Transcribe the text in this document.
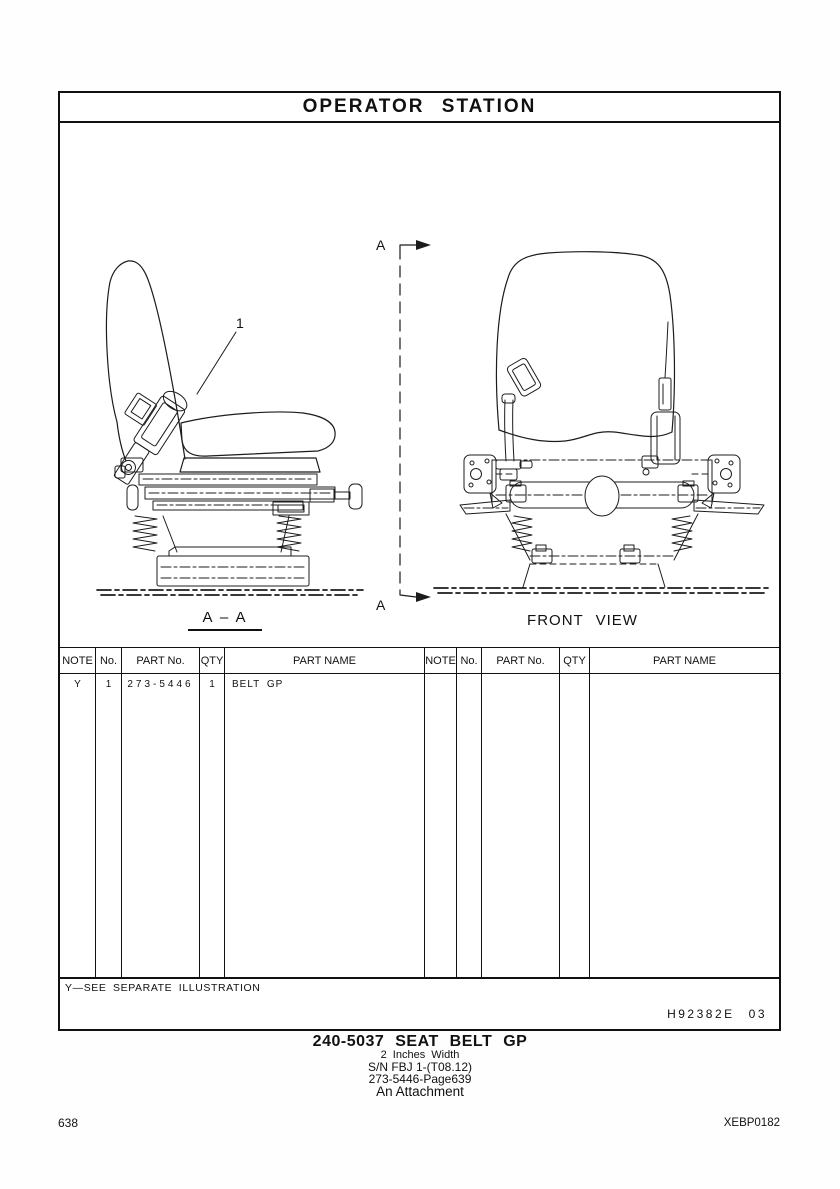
OPERATOR STATION
1
A
A
A – A	FRONT VIEW
NOTE No.	PART No.	QTY	PART NAME	NOTE No.	PART No.	QTY	PART NAME
Y	1	273-5446	1	BELT GP
Y—SEE SEPARATE ILLUSTRATION
H92382E 03
240-5037 SEAT BELT GP
2 Inches Width
S/N FBJ 1-(T08.12)
273-5446-Page639
An Attachment
638	XEBP0182
